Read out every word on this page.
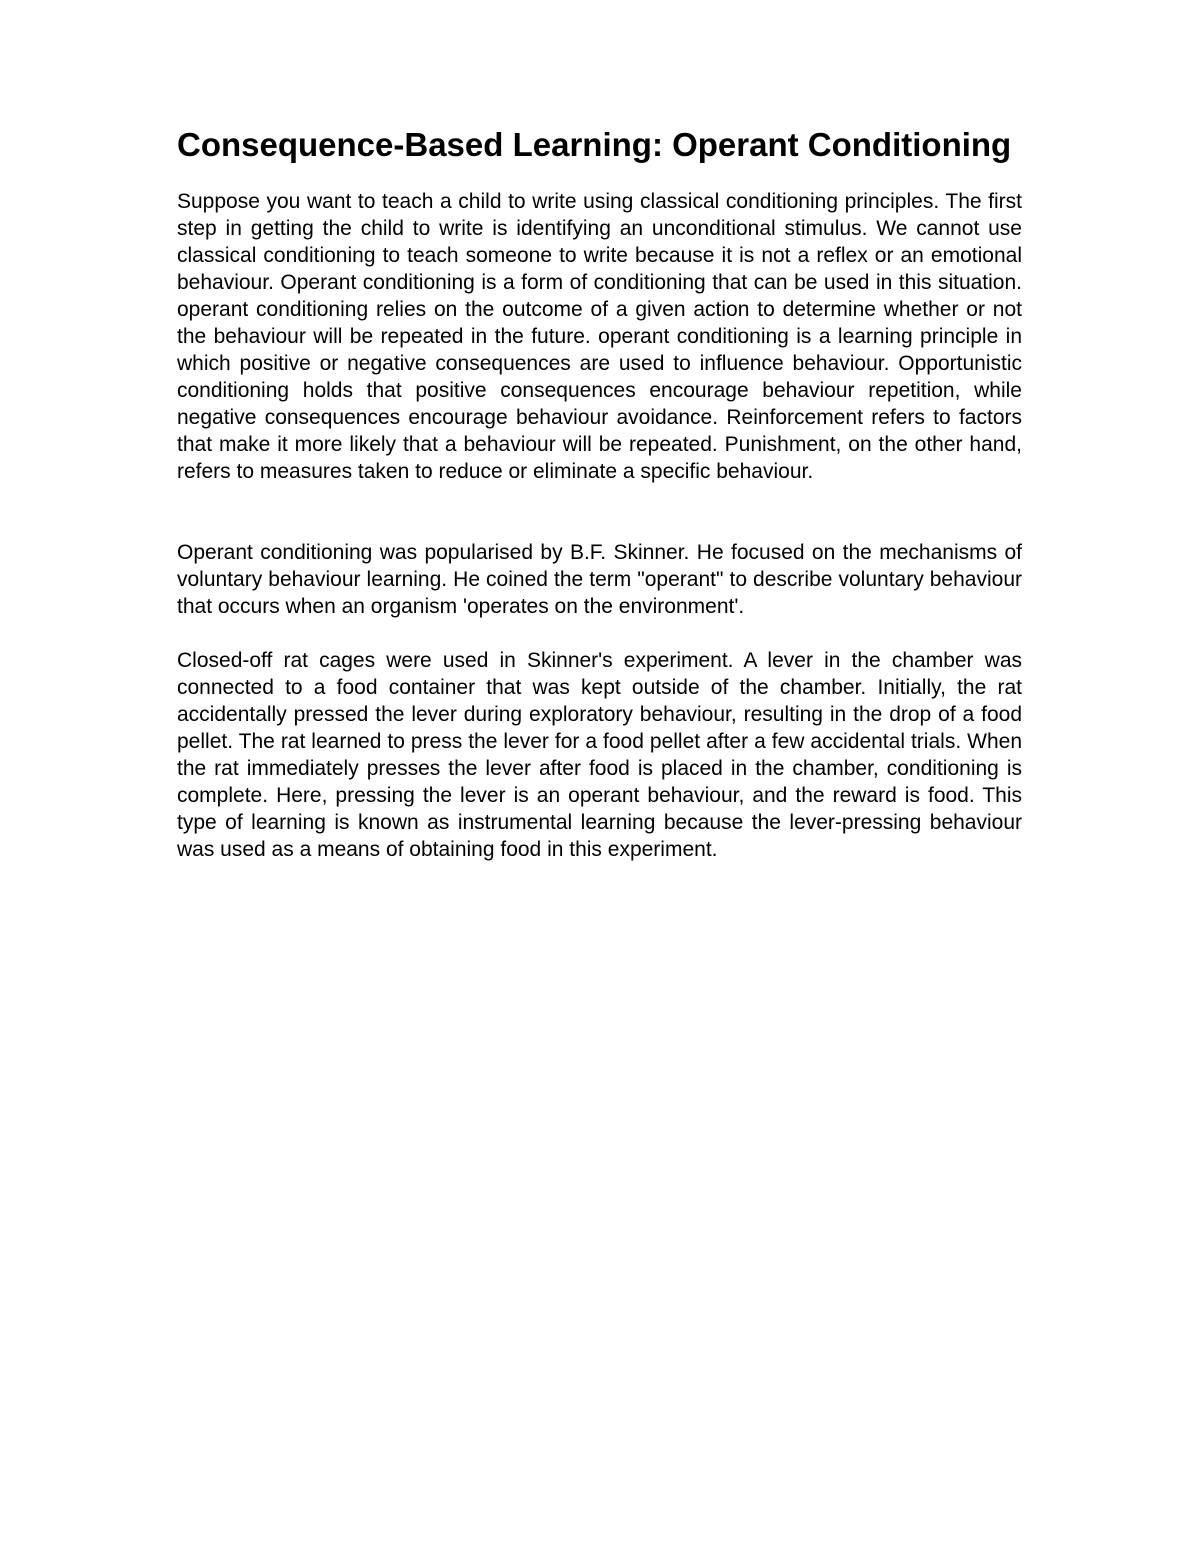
Consequence-Based Learning: Operant Conditioning

Suppose you want to teach a child to write using classical conditioning principles. The first step in getting the child to write is identifying an unconditional stimulus. We cannot use classical conditioning to teach someone to write because it is not a reflex or an emotional behaviour. Operant conditioning is a form of conditioning that can be used in this situation. operant conditioning relies on the outcome of a given action to determine whether or not the behaviour will be repeated in the future. operant conditioning is a learning principle in which positive or negative consequences are used to influence behaviour. Opportunistic conditioning holds that positive consequences encourage behaviour repetition, while negative consequences encourage behaviour avoidance. Reinforcement refers to factors that make it more likely that a behaviour will be repeated. Punishment, on the other hand, refers to measures taken to reduce or eliminate a specific behaviour.

Operant conditioning was popularised by B.F. Skinner. He focused on the mechanisms of voluntary behaviour learning. He coined the term "operant" to describe voluntary behaviour that occurs when an organism 'operates on the environment'.

Closed-off rat cages were used in Skinner's experiment. A lever in the chamber was connected to a food container that was kept outside of the chamber. Initially, the rat accidentally pressed the lever during exploratory behaviour, resulting in the drop of a food pellet. The rat learned to press the lever for a food pellet after a few accidental trials. When the rat immediately presses the lever after food is placed in the chamber, conditioning is complete. Here, pressing the lever is an operant behaviour, and the reward is food. This type of learning is known as instrumental learning because the lever-pressing behaviour was used as a means of obtaining food in this experiment.
